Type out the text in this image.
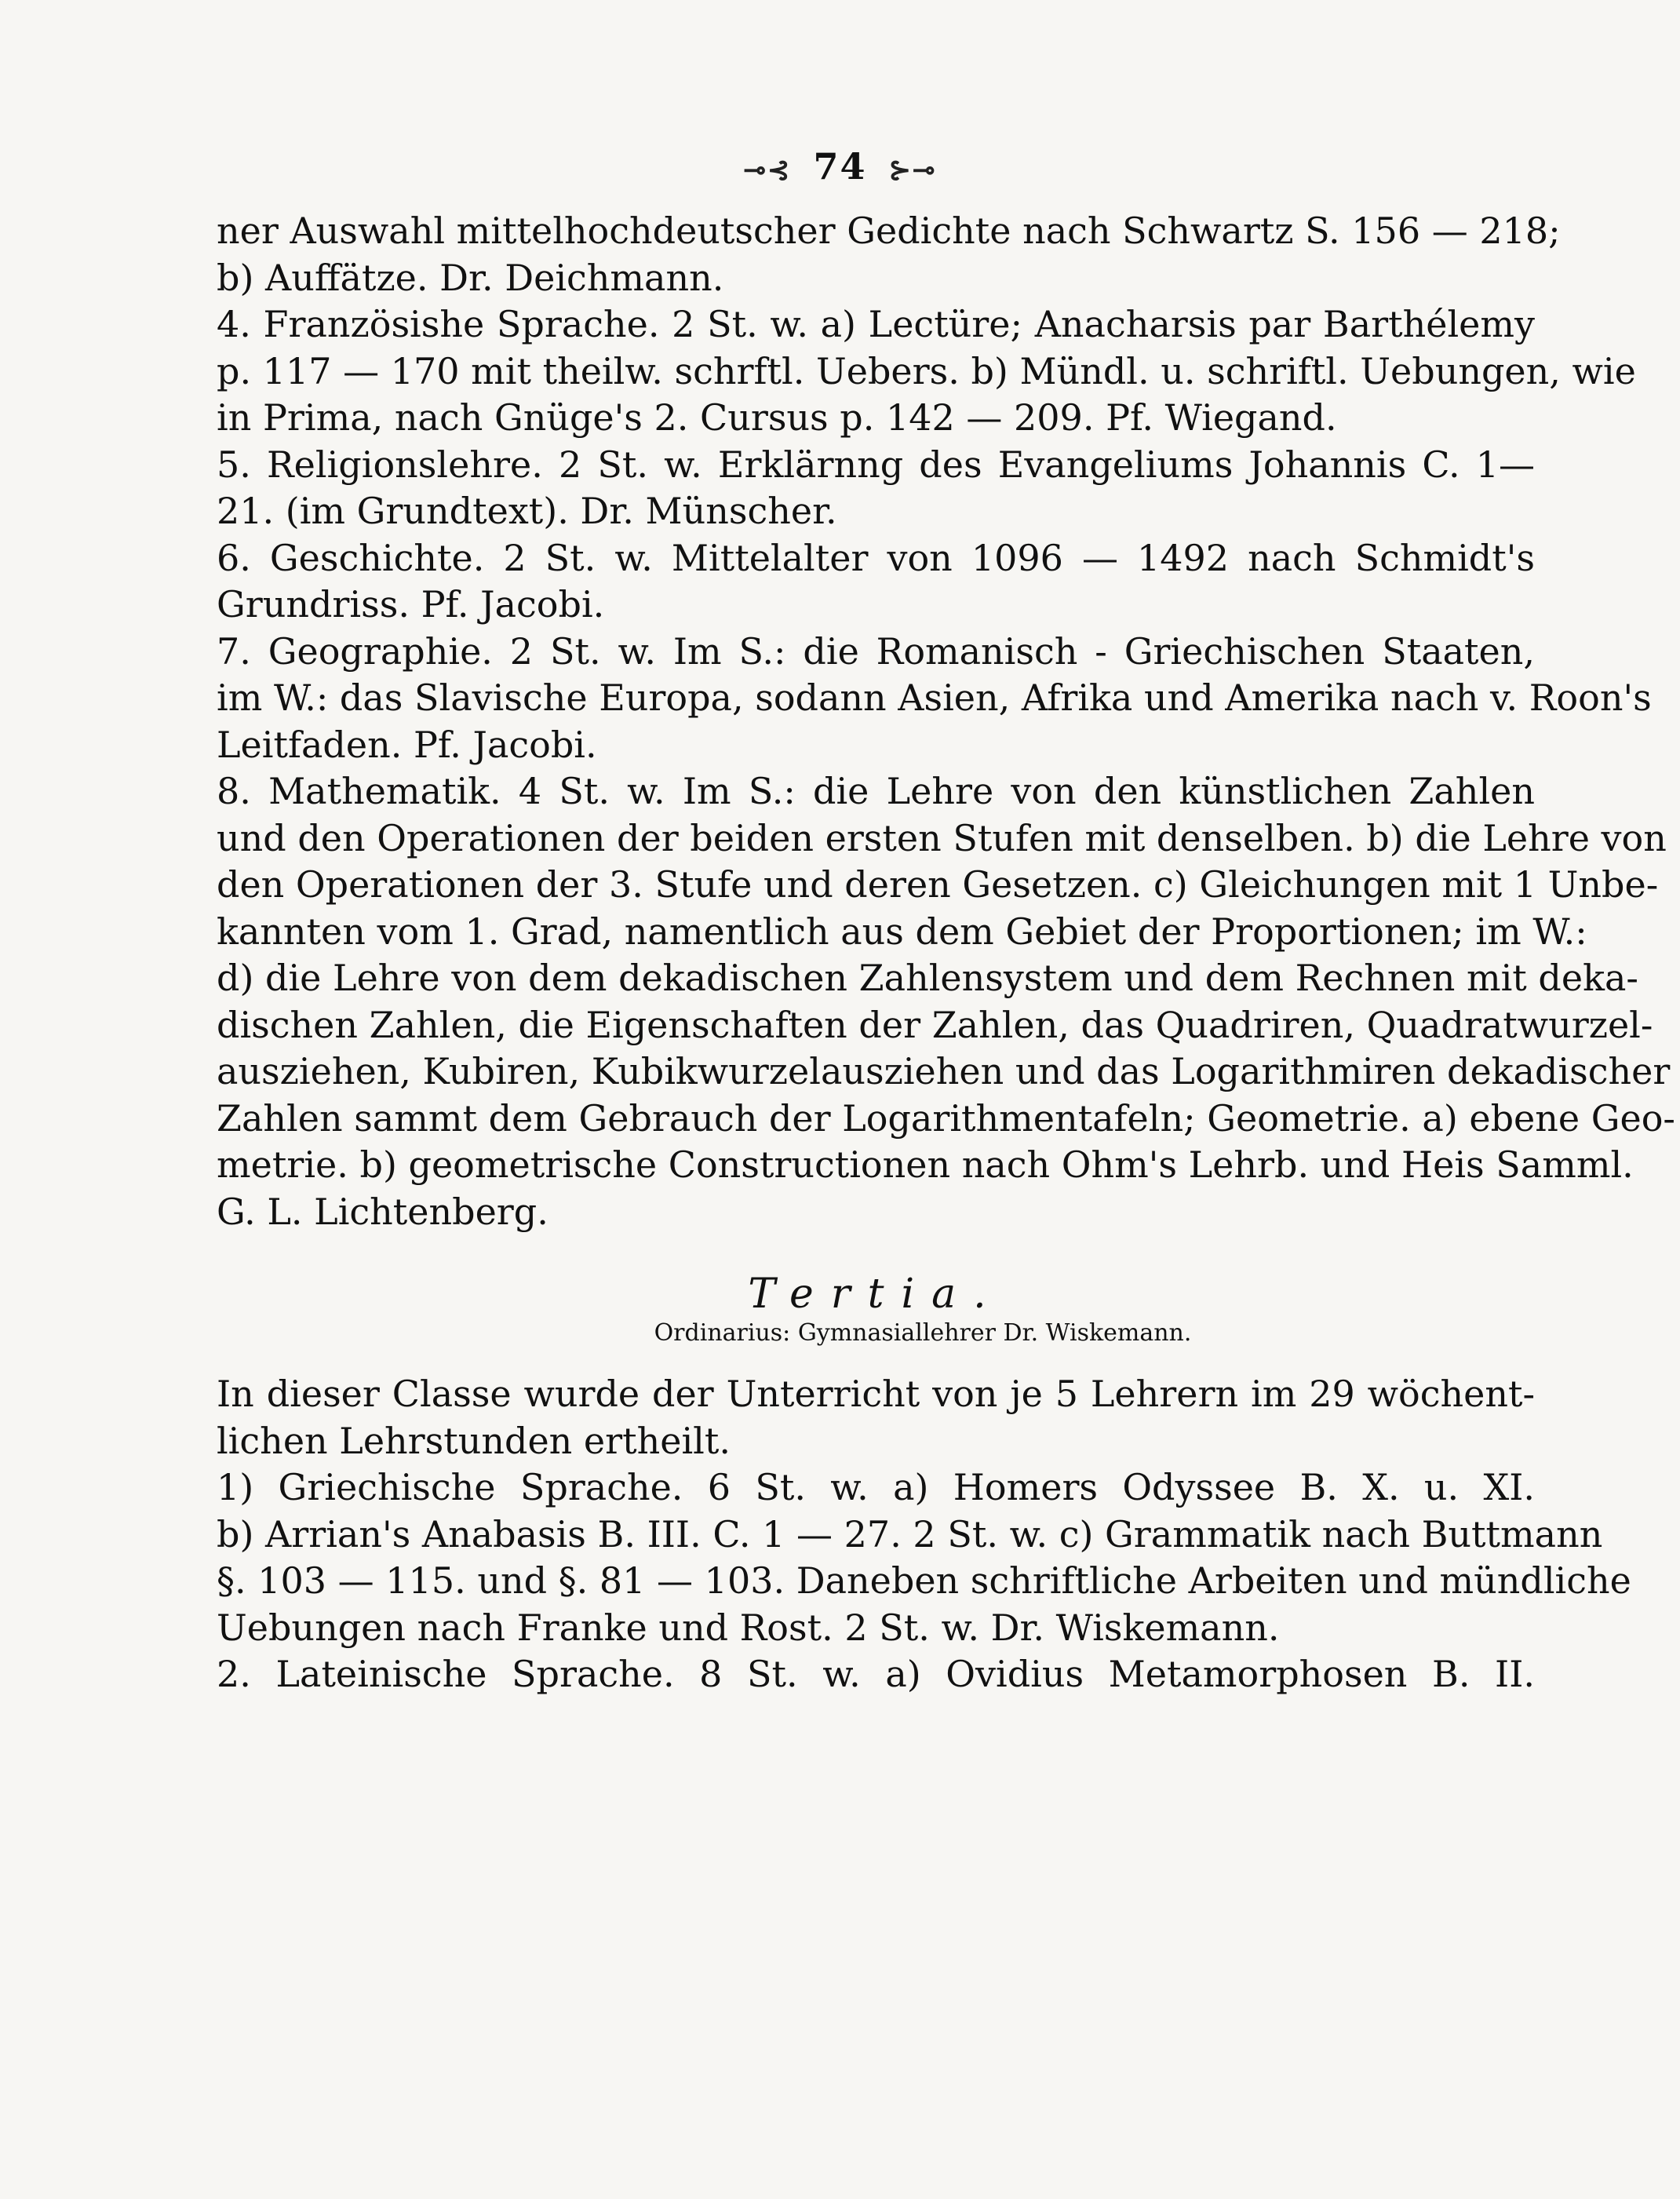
⊸⊰ 74 ⊱⊸
ner Auswahl mittelhochdeutscher Gedichte nach Schwartz S. 156 — 218;
b) Auffätze. Dr. Deichmann.
4. Französishe Sprache. 2 St. w. a) Lectüre; Anacharsis par Barthélemy
p. 117 — 170 mit theilw. schrftl. Uebers. b) Mündl. u. schriftl. Uebungen, wie
in Prima, nach Gnüge's 2. Cursus p. 142 — 209. Pf. Wiegand.
5. Religionslehre. 2 St. w. Erklärnng des Evangeliums Johannis C. 1—
21. (im Grundtext). Dr. Münscher.
6. Geschichte. 2 St. w. Mittelalter von 1096 — 1492 nach Schmidt's
Grundriss. Pf. Jacobi.
7. Geographie. 2 St. w. Im S.: die Romanisch - Griechischen Staaten,
im W.: das Slavische Europa, sodann Asien, Afrika und Amerika nach v. Roon's
Leitfaden. Pf. Jacobi.
8. Mathematik. 4 St. w. Im S.: die Lehre von den künstlichen Zahlen
und den Operationen der beiden ersten Stufen mit denselben. b) die Lehre von
den Operationen der 3. Stufe und deren Gesetzen. c) Gleichungen mit 1 Unbe-
kannten vom 1. Grad, namentlich aus dem Gebiet der Proportionen; im W.:
d) die Lehre von dem dekadischen Zahlensystem und dem Rechnen mit deka-
dischen Zahlen, die Eigenschaften der Zahlen, das Quadriren, Quadratwurzel-
ausziehen, Kubiren, Kubikwurzelausziehen und das Logarithmiren dekadischer
Zahlen sammt dem Gebrauch der Logarithmentafeln; Geometrie. a) ebene Geo-
metrie. b) geometrische Constructionen nach Ohm's Lehrb. und Heis Samml.
G. L. Lichtenberg.
Tertia.
Ordinarius: Gymnasiallehrer Dr. Wiskemann.
In dieser Classe wurde der Unterricht von je 5 Lehrern im 29 wöchent-
lichen Lehrstunden ertheilt.
1) Griechische Sprache. 6 St. w. a) Homers Odyssee B. X. u. XI.
b) Arrian's Anabasis B. III. C. 1 — 27. 2 St. w. c) Grammatik nach Buttmann
§. 103 — 115. und §. 81 — 103. Daneben schriftliche Arbeiten und mündliche
Uebungen nach Franke und Rost. 2 St. w. Dr. Wiskemann.
2. Lateinische Sprache. 8 St. w. a) Ovidius Metamorphosen B. II.
